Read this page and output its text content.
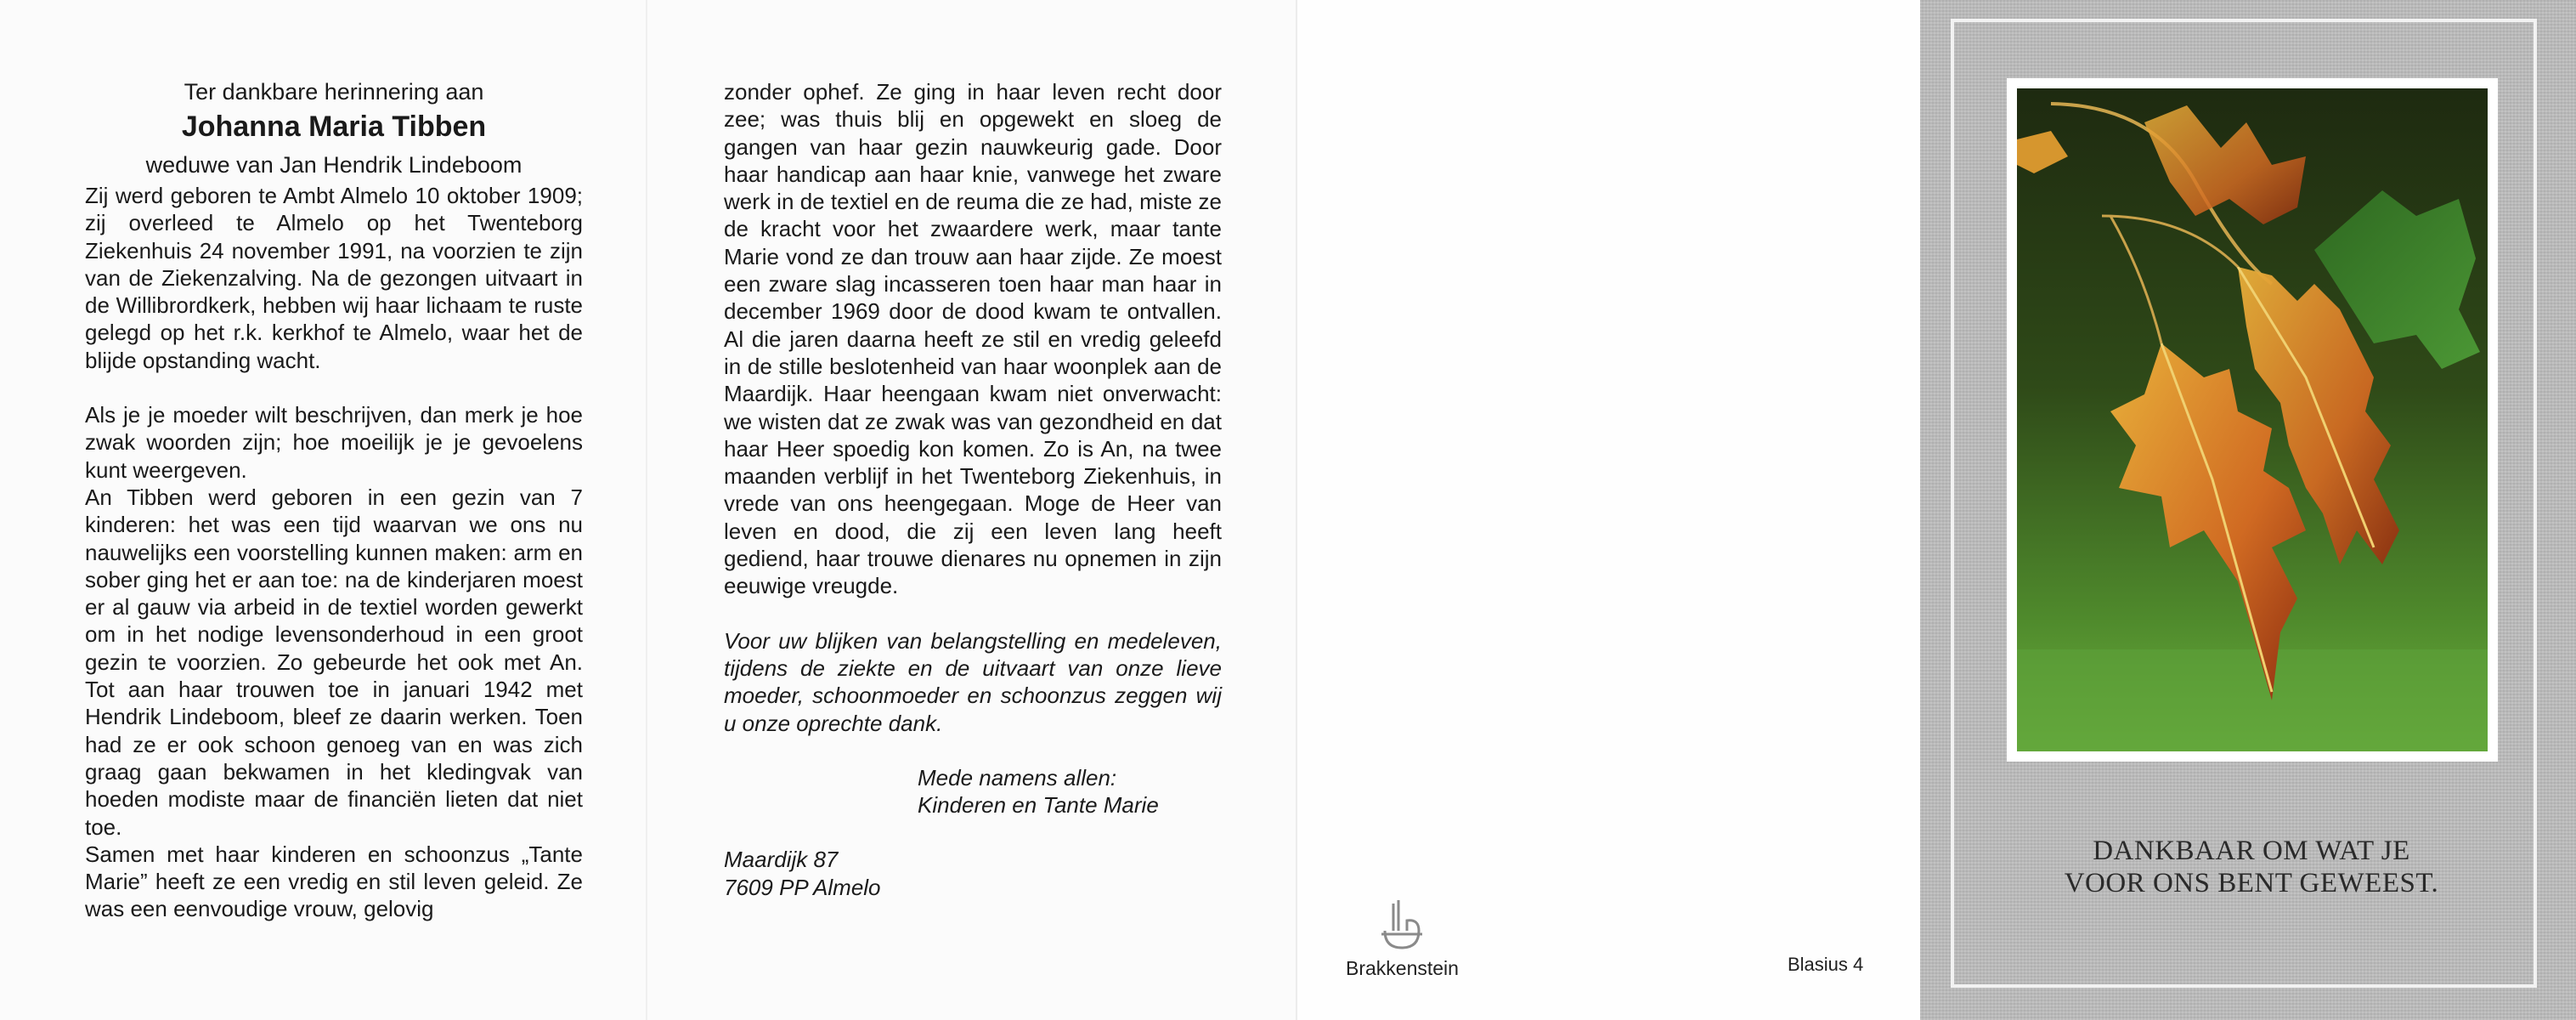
Ter dankbare herinnering aan

Johanna Maria Tibben

weduwe van Jan Hendrik Lindeboom

Zij werd geboren te Ambt Almelo 10 oktober 1909; zij overleed te Almelo op het Twenteborg Ziekenhuis 24 november 1991, na voorzien te zijn van de Ziekenzalving. Na de gezongen uitvaart in de Willibrordkerk, hebben wij haar lichaam te ruste gelegd op het r.k. kerkhof te Almelo, waar het de blijde opstanding wacht.

Als je je moeder wilt beschrijven, dan merk je hoe zwak woorden zijn; hoe moeilijk je je gevoelens kunt weergeven.

An Tibben werd geboren in een gezin van 7 kinderen: het was een tijd waarvan we ons nu nauwelijks een voorstelling kunnen maken: arm en sober ging het er aan toe: na de kinderjaren moest er al gauw via arbeid in de textiel worden gewerkt om in het nodige levensonderhoud in een groot gezin te voorzien. Zo gebeurde het ook met An. Tot aan haar trouwen toe in januari 1942 met Hendrik Lindeboom, bleef ze daarin werken. Toen had ze er ook schoon genoeg van en was zich graag gaan bekwamen in het kledingvak van hoeden modiste maar de financiën lieten dat niet toe.

Samen met haar kinderen en schoonzus „Tante Marie” heeft ze een vredig en stil leven geleid. Ze was een eenvoudige vrouw, gelovig

zonder ophef. Ze ging in haar leven recht door zee; was thuis blij en opgewekt en sloeg de gangen van haar gezin nauwkeurig gade. Door haar handicap aan haar knie, vanwege het zware werk in de textiel en de reuma die ze had, miste ze de kracht voor het zwaardere werk, maar tante Marie vond ze dan trouw aan haar zijde. Ze moest een zware slag incasseren toen haar man haar in december 1969 door de dood kwam te ontvallen. Al die jaren daarna heeft ze stil en vredig geleefd in de stille beslotenheid van haar woonplek aan de Maardijk. Haar heengaan kwam niet onverwacht: we wisten dat ze zwak was van gezondheid en dat haar Heer spoedig kon komen. Zo is An, na twee maanden verblijf in het Twenteborg Ziekenhuis, in vrede van ons heengegaan. Moge de Heer van leven en dood, die zij een leven lang heeft gediend, haar trouwe dienares nu opnemen in zijn eeuwige vreugde.

Voor uw blijken van belangstelling en medeleven, tijdens de ziekte en de uitvaart van onze lieve moeder, schoonmoeder en schoonzus zeggen wij u onze oprechte dank.

Mede namens allen:

Kinderen en Tante Marie

Maardijk 87

7609 PP Almelo

Brakkenstein	Blasius 4
DANKBAAR OM WAT JE
VOOR ONS BENT GEWEEST.
